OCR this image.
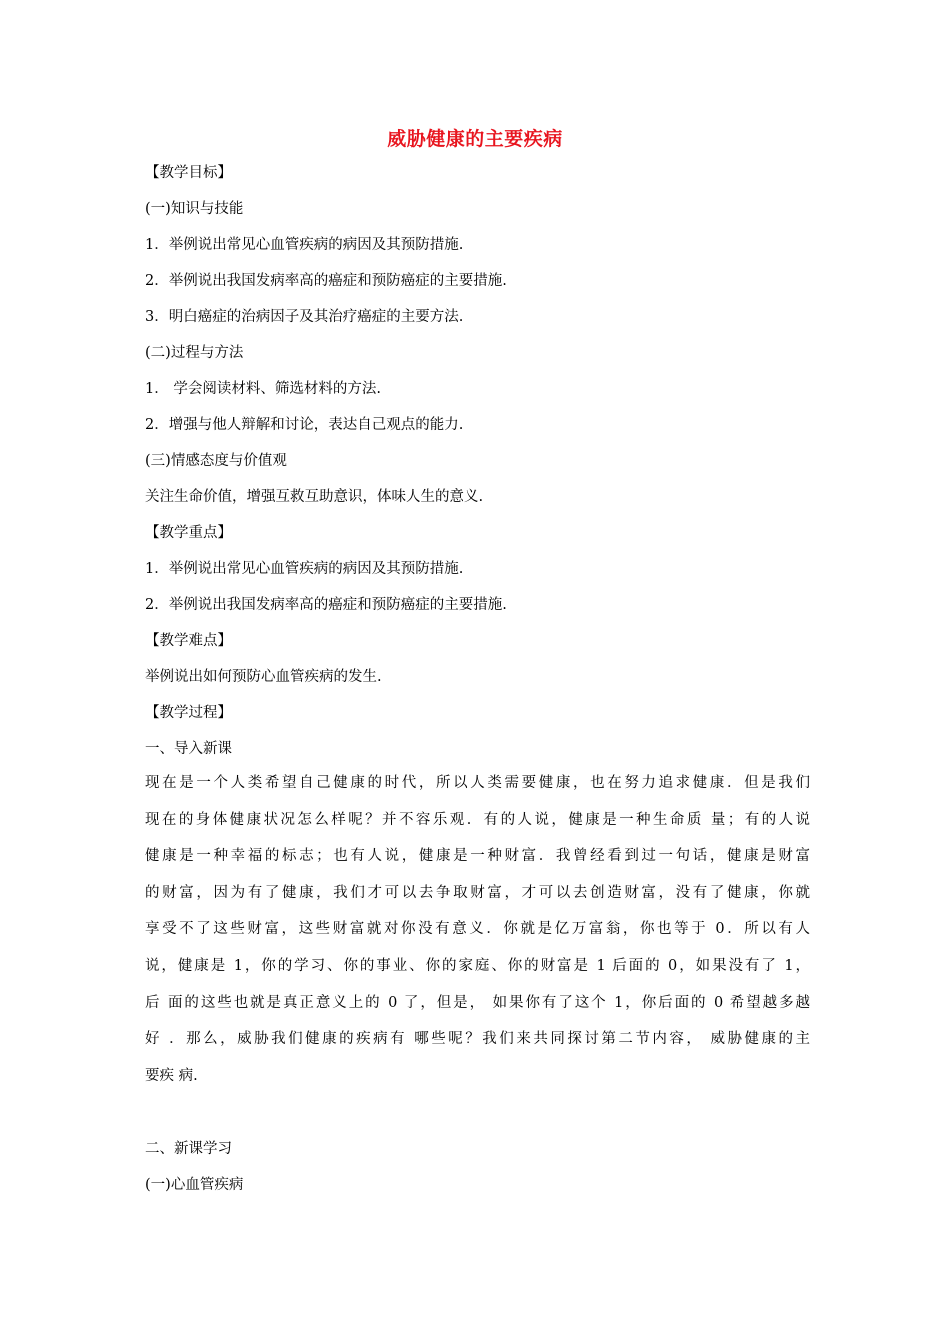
威胁健康的主要疾病
【教学目标】
(一)知识与技能
1．举例说出常见心血管疾病的病因及其预防措施.
2．举例说出我国发病率高的癌症和预防癌症的主要措施.
3．明白癌症的治病因子及其治疗癌症的主要方法.
(二)过程与方法
1． 学会阅读材料、筛选材料的方法.
2．增强与他人辩解和讨论，表达自己观点的能力.
(三)情感态度与价值观
关注生命价值，增强互救互助意识，体味人生的意义.
【教学重点】
1．举例说出常见心血管疾病的病因及其预防措施.
2．举例说出我国发病率高的癌症和预防癌症的主要措施.
【教学难点】
举例说出如何预防心血管疾病的发生.
【教学过程】
一、导入新课
现在是一个人类希望自己健康的时代，所以人类需要健康，也在努力追求健康．但是我们
现在的身体健康状况怎么样呢？并不容乐观．有的人说，健康是一种生命质 量；有的人说
健康是一种幸福的标志；也有人说，健康是一种财富．我曾经看到过一句话，健康是财富
的财富，因为有了健康，我们才可以去争取财富，才可以去创造财富，没有了健康，你就
享受不了这些财富，这些财富就对你没有意义．你就是亿万富翁，你也等于 0．所以有人
说，健康是 1，你的学习、你的事业、你的家庭、你的财富是 1 后面的 0，如果没有了 1，
后 面的这些也就是真正意义上的 0 了，但是， 如果你有了这个 1，你后面的 0 希望越多越
好 ．那么，威胁我们健康的疾病有 哪些呢？我们来共同探讨第二节内容， 威胁健康的主
要疾 病.
二、新课学习
(一)心血管疾病
